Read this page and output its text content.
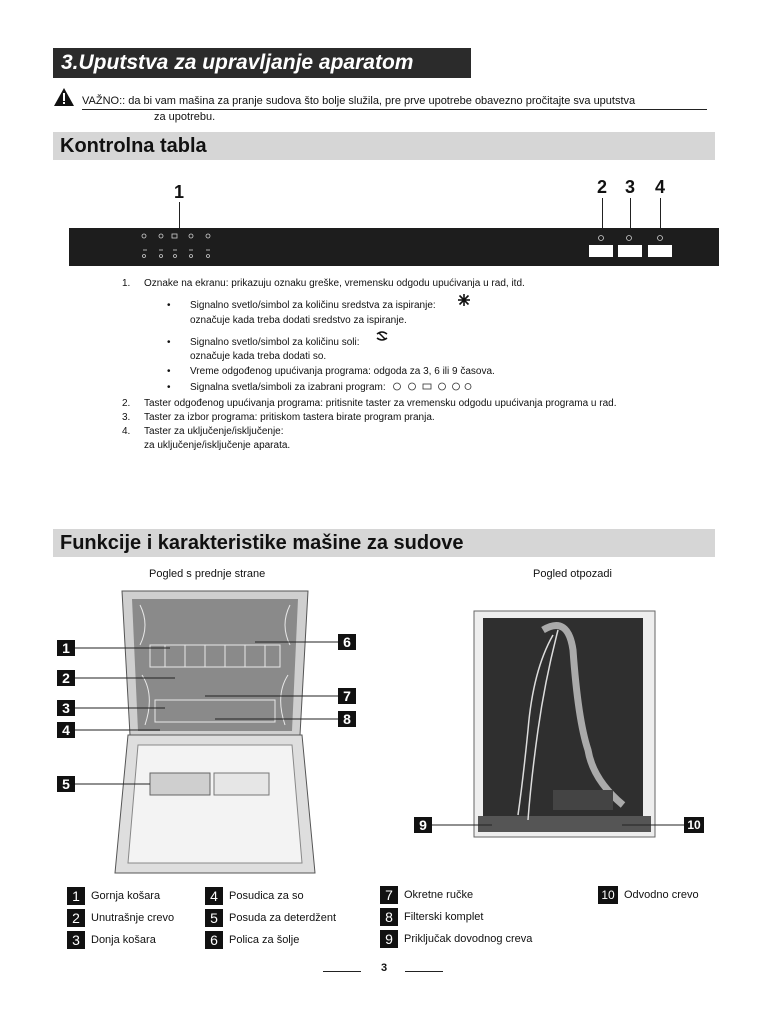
3.Uputstva za upravljanje aparatom
VAŽNO:: da bi vam mašina za pranje sudova što bolje služila, pre prve upotrebe obavezno pročitajte sva uputstva
za upotrebu.
Kontrolna tabla
1	2 3 4
1. Oznake na ekranu: prikazuju oznaku greške, vremensku odgodu upućivanja u rad, itd.
• Signalno svetlo/simbol za količinu sredstva za ispiranje:
označuje kada treba dodati sredstvo za ispiranje.
• Signalno svetlo/simbol za količinu soli:
označuje kada treba dodati so.
• Vreme odgođenog upućivanja programa: odgoda za 3, 6 ili 9 časova.
• Signalna svetla/simboli za izabrani program:
2. Taster odgođenog upućivanja programa: pritisnite taster za vremensku odgodu upućivanja programa u rad.
3. Taster za izbor programa: pritiskom tastera birate program pranja.
4. Taster za uključenje/isključenje:
za uključenje/isključenje aparata.
Funkcije i karakteristike mašine za sudove
Pogled s prednje strane	Pogled otpozadi
1
2
3
4
5
6
7
8
9	10
1 Gornja košara
2 Unutrašnje crevo
3 Donja košara
4 Posudica za so
5 Posuda za deterdžent
6 Polica za šolje
7 Okretne ručke
8 Filterski komplet
9 Priključak dovodnog creva
10 Odvodno crevo
3
